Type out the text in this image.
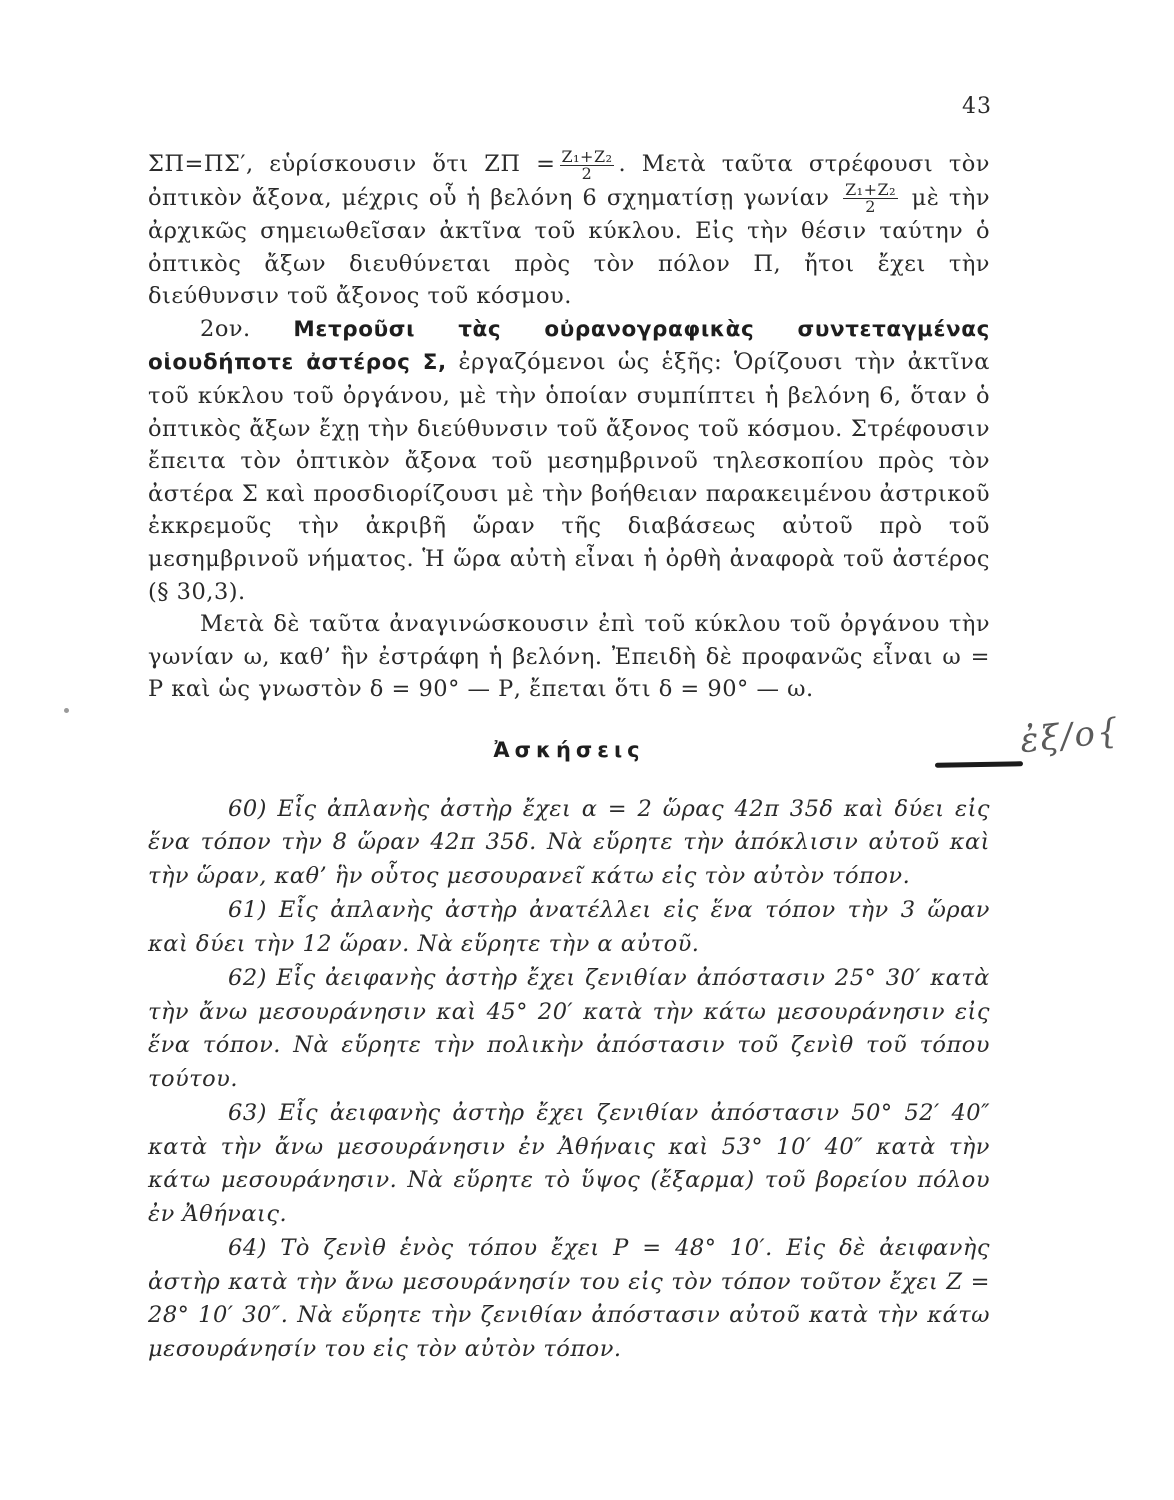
43

ΣΠ=ΠΣ′, εὑρίσκουσιν ὅτι $Z\Pi = \frac{\text{Z₁+Z₂}}{2}$ . Μετὰ ταῦτα στρέφουσι τὸν ὀπτικὸν ἄξονα, μέχρις οὗ ἡ βελόνη 6 σχηματίσῃ γωνίαν $\frac{\text{Z₁+Z₂}}{2}$ μὲ τὴν ἀρχικῶς σημειωθεῖσαν ἀκτῖνα τοῦ κύκλου. Εἰς τὴν θέσιν ταύτην ὁ ὀπτικὸς ἄξων διευθύνεται πρὸς τὸν πόλον Π, ἤτοι ἔχει τὴν διεύθυνσιν τοῦ ἄξονος τοῦ κόσμου.

2ον. Μετροῦσι τὰς οὐρανογραφικὰς συντεταγμένας οἱουδήποτε ἀστέρος Σ, ἐργαζόμενοι ὡς ἑξῆς: Ὁρίζουσι τὴν ἀκτῖνα τοῦ κύκλου τοῦ ὀργάνου, μὲ τὴν ὁποίαν συμπίπτει ἡ βελόνη 6, ὅταν ὁ ὀπτικὸς ἄξων ἔχῃ τὴν διεύθυνσιν τοῦ ἄξονος τοῦ κόσμου. Στρέφουσιν ἔπειτα τὸν ὀπτικὸν ἄξονα τοῦ μεσημβρινοῦ τηλεσκοπίου πρὸς τὸν ἀστέρα Σ καὶ προσδιορίζουσι μὲ τὴν βοήθειαν παρακειμένου ἀστρικοῦ ἐκκρεμοῦς τὴν ἀκριβῆ ὥραν τῆς διαβάσεως αὐτοῦ πρὸ τοῦ μεσημβρινοῦ νήματος. Ἡ ὥρα αὐτὴ εἶναι ἡ ὀρθὴ ἀναφορὰ τοῦ ἀστέρος (§ 30,3).

Μετὰ δὲ ταῦτα ἀναγινώσκουσιν ἐπὶ τοῦ κύκλου τοῦ ὀργάνου τὴν γωνίαν ω, καθ’ ἣν ἐστράφη ἡ βελόνη. Ἐπειδὴ δὲ προφανῶς εἶναι ω = Ρ καὶ ὡς γνωστὸν δ = 90° — Ρ, ἔπεται ὅτι δ = 90° — ω.

Ἀσκήσεις

60) Εἷς ἀπλανὴς ἀστὴρ ἔχει α = 2 ὥρας 42π 35δ καὶ δύει εἰς ἕνα τόπον τὴν 8 ὥραν 42π 35δ. Νὰ εὕρητε τὴν ἀπόκλισιν αὐτοῦ καὶ τὴν ὥραν, καθ’ ἣν οὗτος μεσουρανεῖ κάτω εἰς τὸν αὐτὸν τόπον.

61) Εἷς ἀπλανὴς ἀστὴρ ἀνατέλλει εἰς ἕνα τόπον τὴν 3 ὥραν καὶ δύει τὴν 12 ὥραν. Νὰ εὕρητε τὴν α αὐτοῦ.

62) Εἷς ἀειφανὴς ἀστὴρ ἔχει ζενιθίαν ἀπόστασιν 25° 30′ κατὰ τὴν ἄνω μεσουράνησιν καὶ 45° 20′ κατὰ τὴν κάτω μεσουράνησιν εἰς ἕνα τόπον. Νὰ εὕρητε τὴν πολικὴν ἀπόστασιν τοῦ ζενὶθ τοῦ τόπου τούτου.

63) Εἷς ἀειφανὴς ἀστὴρ ἔχει ζενιθίαν ἀπόστασιν 50° 52′ 40″ κατὰ τὴν ἄνω μεσουράνησιν ἐν Ἀθήναις καὶ 53° 10′ 40″ κατὰ τὴν κάτω μεσουράνησιν. Νὰ εὕρητε τὸ ὕψος (ἔξαρμα) τοῦ βορείου πόλου ἐν Ἀθήναις.

64) Τὸ ζενὶθ ἑνὸς τόπου ἔχει Ρ = 48° 10′. Εἰς δὲ ἀειφανὴς ἀστὴρ κατὰ τὴν ἄνω μεσουράνησίν του εἰς τὸν τόπον τοῦτον ἔχει Ζ = 28° 10′ 30″. Νὰ εὕρητε τὴν ζενιθίαν ἀπόστασιν αὐτοῦ κατὰ τὴν κάτω μεσουράνησίν του εἰς τὸν αὐτὸν τόπον.

ἐξ/ο{
